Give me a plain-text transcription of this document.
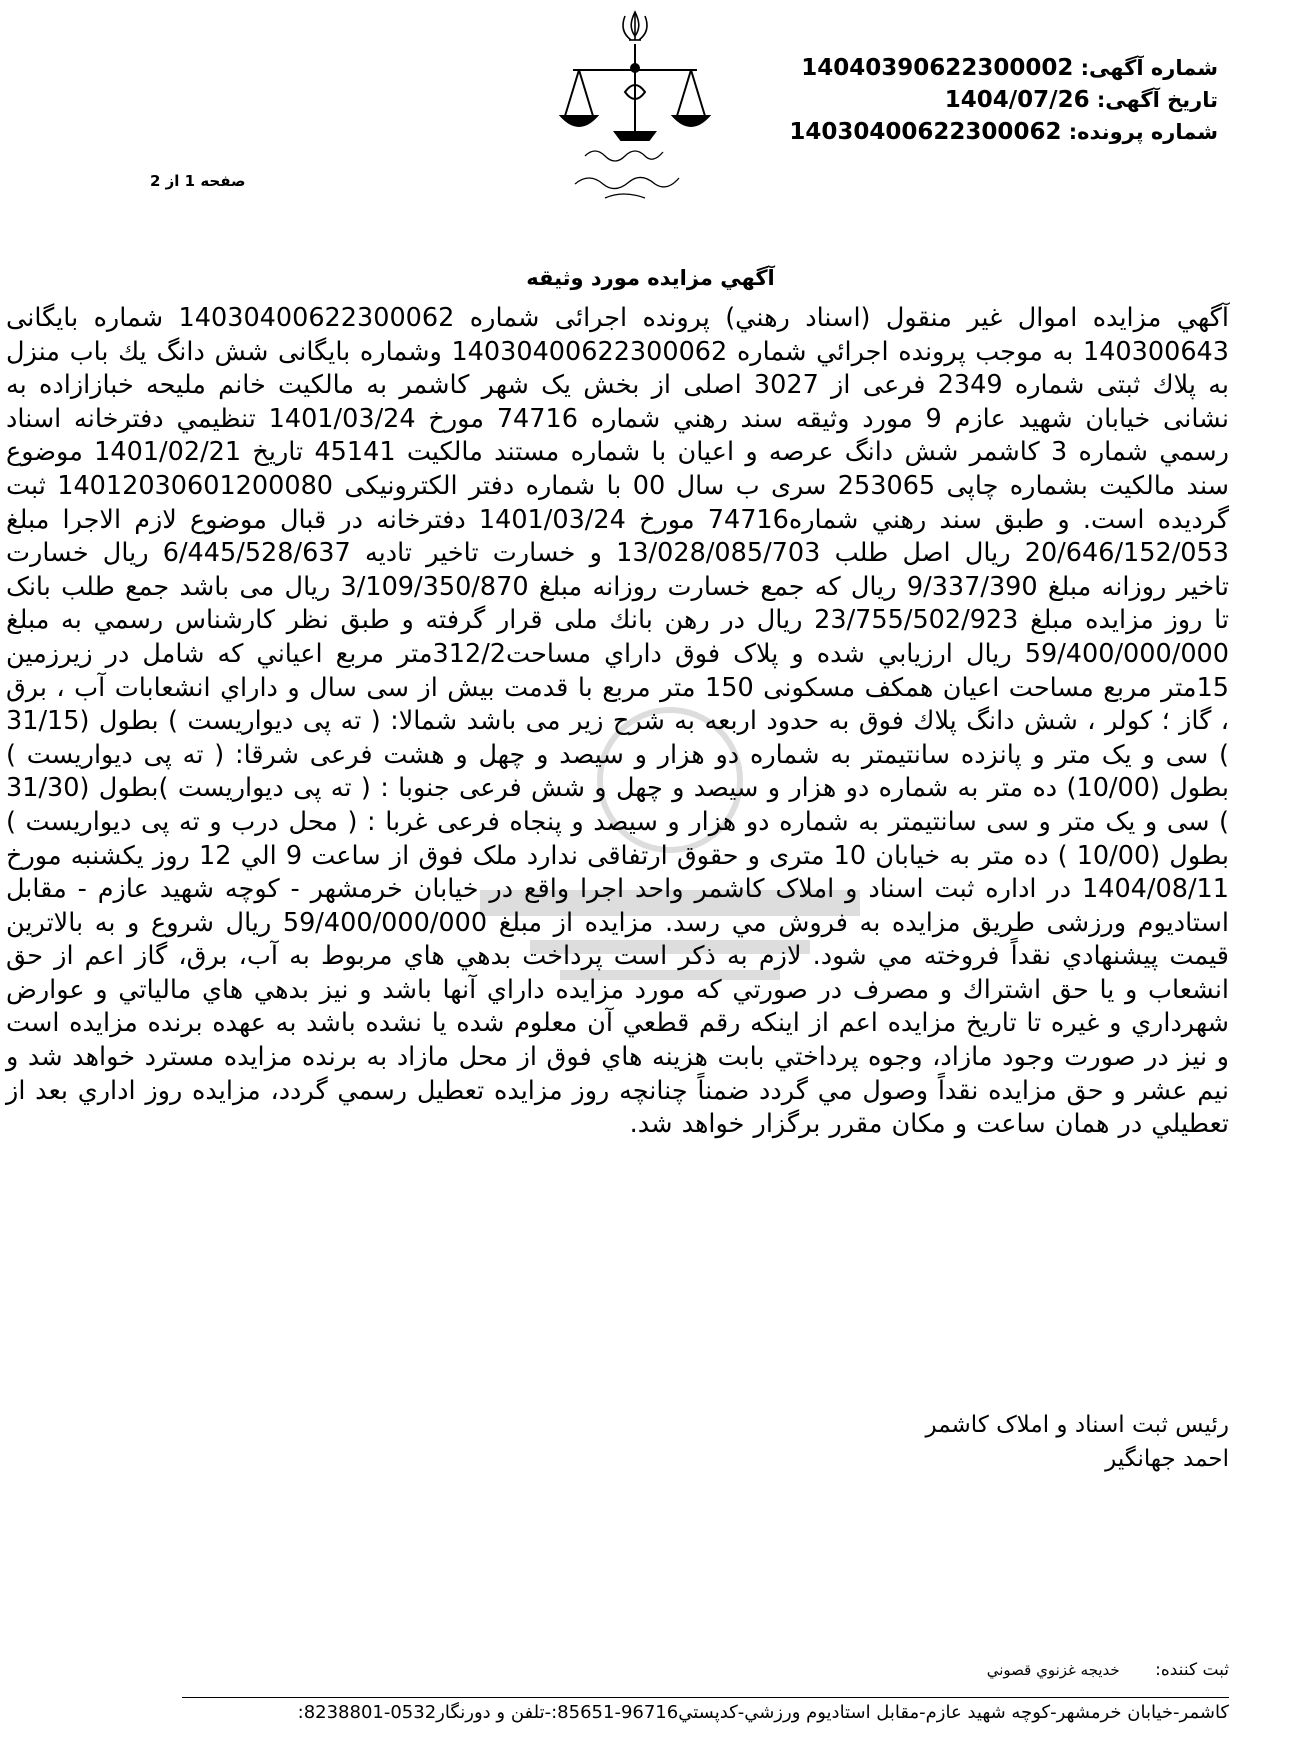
شماره آگهی: 14040390622300002
تاریخ آگهی: 1404/07/26
شماره پرونده: 14030400622300062
صفحه 1 از 2
آگهي مزایده مورد وثیقه
آگهي مزایده اموال غیر منقول (اسناد رهني) پرونده اجرائی شماره 14030400622300062 شماره بایگانی 140300643 به موجب پرونده اجرائي شماره 14030400622300062 وشماره بایگانی شش دانگ يك باب منزل به پلاك ثبتی شماره 2349 فرعی از 3027 اصلی از بخش یک شهر کاشمر به مالکیت خانم ملیحه خبازازاده به نشانی خیابان شهید عازم 9 مورد وثیقه سند رهني شماره 74716 مورخ 1401/03/24 تنظیمي دفترخانه اسناد رسمي شماره 3 کاشمر شش دانگ عرصه و اعیان با شماره مستند مالکیت 45141 تاریخ 1401/02/21 موضوع سند مالکیت بشماره چاپی 253065 سری ب سال 00 با شماره دفتر الکترونیکی 14012030601200080 ثبت گردیده است. و طبق سند رهني شماره74716 مورخ 1401/03/24 دفترخانه در قبال موضوع لازم الاجرا مبلغ 20/646/152/053 ریال اصل طلب 13/028/085/703 و خسارت تاخیر تادیه 6/445/528/637 ریال خسارت تاخیر روزانه مبلغ 9/337/390 ریال که جمع خسارت روزانه مبلغ 3/109/350/870 ریال می باشد جمع طلب بانک تا روز مزایده مبلغ 23/755/502/923 ریال در رهن بانك ملی قرار گرفته و طبق نظر کارشناس رسمي به مبلغ 59/400/000/000 ریال ارزیابي شده و پلاک فوق داراي مساحت312/2متر مربع اعیاني که شامل در زیرزمین 15متر مربع مساحت اعیان همکف مسکونی 150 متر مربع با قدمت بیش از سی سال و داراي انشعابات آب ، برق ، گاز ؛ کولر ، شش دانگ پلاك فوق به حدود اربعه به شرح زیر می باشد شمالا: ( ته پی دیواریست ) بطول (31/15 ) سی و یک متر و پانزده سانتیمتر به شماره دو هزار و سیصد و چهل و هشت فرعی شرقا: ( ته پی دیواریست ) بطول (10/00) ده متر به شماره دو هزار و سیصد و چهل و شش فرعی جنوبا : ( ته پی دیواریست )بطول (31/30 ) سی و یک متر و سی سانتیمتر به شماره دو هزار و سیصد و پنجاه فرعی غربا : ( محل درب و ته پی دیواریست ) بطول (10/00 ) ده متر به خیابان 10 متری و حقوق ارتفاقی ندارد ملک فوق از ساعت 9 الي 12 روز یکشنبه مورخ 1404/08/11 در اداره ثبت اسناد و املاک کاشمر واحد اجرا واقع در خیابان خرمشهر - کوچه شهید عازم - مقابل استادیوم ورزشی طریق مزایده به فروش مي رسد. مزایده از مبلغ 59/400/000/000 ریال شروع و به بالاترین قیمت پیشنهادي نقداً فروخته مي شود. لازم به ذکر است پرداخت بدهي هاي مربوط به آب، برق، گاز اعم از حق انشعاب و یا حق اشتراك و مصرف در صورتي که مورد مزایده داراي آنها باشد و نیز بدهي هاي مالیاتي و عوارض شهرداري و غیره تا تاریخ مزایده اعم از اینکه رقم قطعي آن معلوم شده یا نشده باشد به عهده برنده مزایده است و نیز در صورت وجود مازاد، وجوه پرداختي بابت هزینه هاي فوق از محل مازاد به برنده مزایده مسترد خواهد شد و نیم عشر و حق مزایده نقداً وصول مي گردد ضمناً چنانچه روز مزایده تعطیل رسمي گردد، مزایده روز اداري بعد از تعطیلي در همان ساعت و مکان مقرر برگزار خواهد شد.
رئیس ثبت اسناد و املاک کاشمر
احمد جهانگیر
ثبت کننده: خدیجه غزنوي قصوني
کاشمر-خیابان خرمشهر-کوچه شهید عازم-مقابل استادیوم ورزشي-کدپستي96716-85651:-تلفن و دورنگار0532-8238801:
